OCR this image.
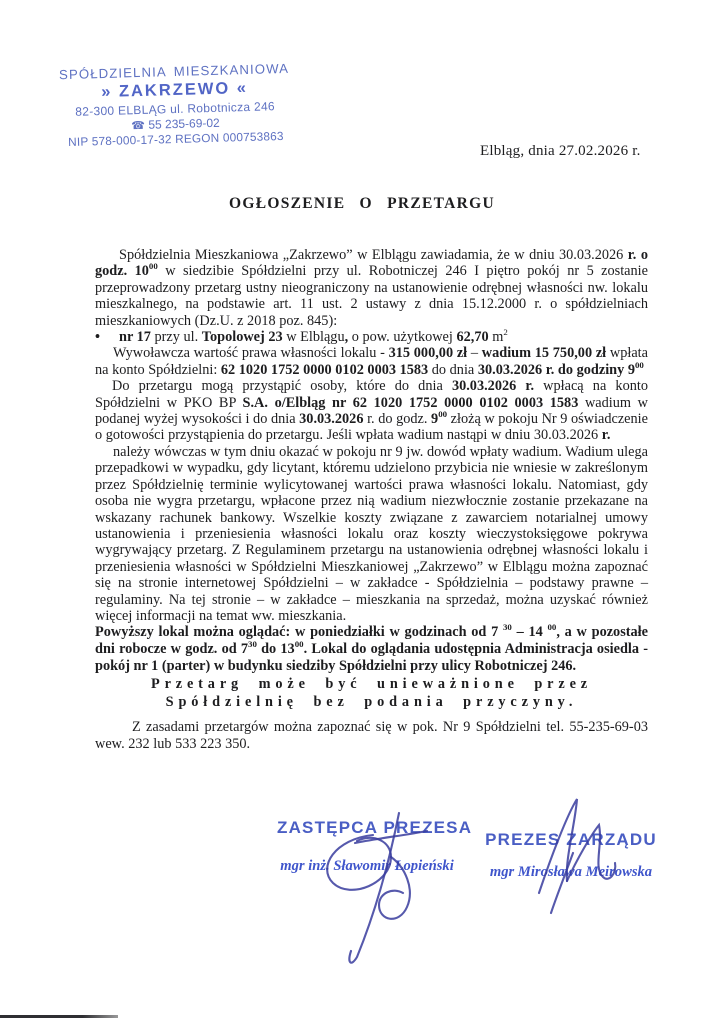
SPÓŁDZIELNIA MIESZKANIOWA
» ZAKRZEWO «
82-300 ELBLĄG ul. Robotnicza 246
☎ 55 235-69-02
NIP 578-000-17-32 REGON 000753863
Elbląg, dnia 27.02.2026 r.
OGŁOSZENIE O PRZETARGU

Spółdzielnia Mieszkaniowa „Zakrzewo” w Elblągu zawiadamia, że w dniu 30.03.2026 r. o godz. $10^{00}$ w siedzibie Spółdzielni przy ul. Robotniczej 246 I piętro pokój nr 5 zostanie przeprowadzony przetarg ustny nieograniczony na ustanowienie odrębnej własności nw. lokalu mieszkalnego, na podstawie art. 11 ust. 2 ustawy z dnia 15.12.2000 r. o spółdzielniach mieszkaniowych (Dz.U. z 2018 poz. 845):

•	nr 17 przy ul. Topolowej 23 w Elblągu, o pow. użytkowej 62,70 $m^2$

Wywoławcza wartość prawa własności lokalu - 315 000,00 zł – wadium 15 750,00 zł wpłata na konto Spółdzielni: 62 1020 1752 0000 0102 0003 1583 do dnia 30.03.2026 r. do godziny $9^{00}$

Do przetargu mogą przystąpić osoby, które do dnia 30.03.2026 r. wpłacą na konto Spółdzielni w PKO BP S.A. o/Elbląg nr 62 1020 1752 0000 0102 0003 1583 wadium w podanej wyżej wysokości i do dnia 30.03.2026 r. do godz. $9^{00}$ złożą w pokoju Nr 9 oświadczenie o gotowości przystąpienia do przetargu. Jeśli wpłata wadium nastąpi w dniu 30.03.2026 r.

należy wówczas w tym dniu okazać w pokoju nr 9 jw. dowód wpłaty wadium. Wadium ulega przepadkowi w wypadku, gdy licytant, któremu udzielono przybicia nie wniesie w zakreślonym przez Spółdzielnię terminie wylicytowanej wartości prawa własności lokalu. Natomiast, gdy osoba nie wygra przetargu, wpłacone przez nią wadium niezwłocznie zostanie przekazane na wskazany rachunek bankowy. Wszelkie koszty związane z zawarciem notarialnej umowy ustanowienia i przeniesienia własności lokalu oraz koszty wieczystoksięgowe pokrywa wygrywający przetarg. Z Regulaminem przetargu na ustanowienia odrębnej własności lokalu i przeniesienia własności w Spółdzielni Mieszkaniowej „Zakrzewo” w Elblągu można zapoznać się na stronie internetowej Spółdzielni – w zakładce - Spółdzielnia – podstawy prawne – regulaminy. Na tej stronie – w zakładce – mieszkania na sprzedaż, można uzyskać również więcej informacji na temat ww. mieszkania.

Powyższy lokal można oglądać: w poniedziałki w godzinach od 7 $^{30}$ – 14 $^{00}$, a w pozostałe dni robocze w godz. od $7^{30}$ do $13^{00}$. Lokal do oglądania udostępnia Administracja osiedla - pokój nr 1 (parter) w budynku siedziby Spółdzielni przy ulicy Robotniczej 246.

Przetarg może być unieważnione przez Spółdzielnię bez podania przyczyny.

Z zasadami przetargów można zapoznać się w pok. Nr 9 Spółdzielni tel. 55-235-69-03 wew. 232 lub 533 223 350.

ZASTĘPCA PREZESA
mgr inż. Sławomir Łopieński
PREZES ZARZĄDU
mgr Mirosława Meirowska
